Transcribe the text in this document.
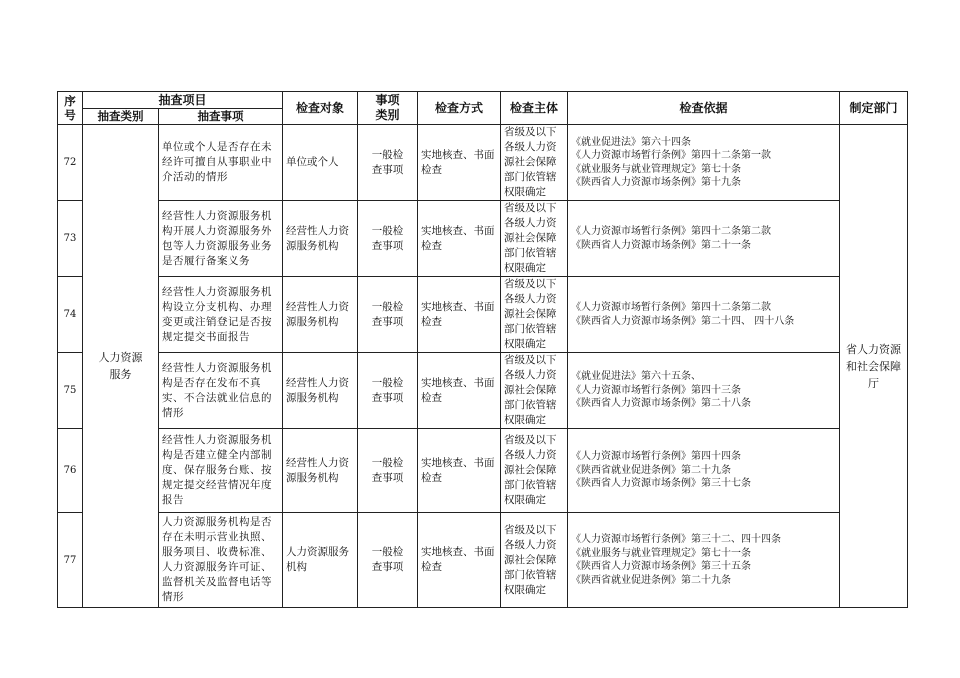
序号	抽查项目		检查对象	事项类别	检查方式	检查主体	检查依据	制定部门
	抽查类别	抽查事项						
72	人力资源服务	单位或个人是否存在未经许可擅自从事职业中介活动的情形	单位或个人	一般检查事项	实地核查、书面检查	省级及以下各级人力资源社会保障部门依管辖权限确定	《就业促进法》第六十四条
《人力资源市场暂行条例》第四十二条第一款
《就业服务与就业管理规定》第七十条
《陕西省人力资源市场条例》第十九条	省人力资源和社会保障厅
73		经营性人力资源服务机构开展人力资源服务外包等人力资源服务业务是否履行备案义务	经营性人力资源服务机构	一般检查事项	实地核查、书面检查	省级及以下各级人力资源社会保障部门依管辖权限确定	《人力资源市场暂行条例》第四十二条第二款
《陕西省人力资源市场条例》第二十一条	

74		经营性人力资源服务机构设立分支机构、办理变更或注销登记是否按规定提交书面报告	经营性人力资源服务机构	一般检查事项	实地核查、书面检查	省级及以下各级人力资源社会保障部门依管辖权限确定	《人力资源市场暂行条例》第四十二条第二款
《陕西省人力资源市场条例》第二十四、 四十八条	

75		经营性人力资源服务机构是否存在发布不真实、不合法就业信息的情形	经营性人力资源服务机构	一般检查事项	实地核查、书面检查	省级及以下各级人力资源社会保障部门依管辖权限确定	《就业促进法》第六十五条、
《人力资源市场暂行条例》第四十三条
《陕西省人力资源市场条例》第二十八条	

76		经营性人力资源服务机构是否建立健全内部制度、保存服务台账、按规定提交经营情况年度报告	经营性人力资源服务机构	一般检查事项	实地核查、书面检查	省级及以下各级人力资源社会保障部门依管辖权限确定	《人力资源市场暂行条例》第四十四条
《陕西省就业促进条例》第二十九条
《陕西省人力资源市场条例》第三十七条	

77		人力资源服务机构是否存在未明示营业执照、服务项目、收费标准、人力资源服务许可证、监督机关及监督电话等情形	人力资源服务机构	一般检查事项	实地核查、书面检查	省级及以下各级人力资源社会保障部门依管辖权限确定	《人力资源市场暂行条例》第三十二、四十四条
《就业服务与就业管理规定》第七十一条
《陕西省人力资源市场条例》第三十五条
《陕西省就业促进条例》第二十九条	
